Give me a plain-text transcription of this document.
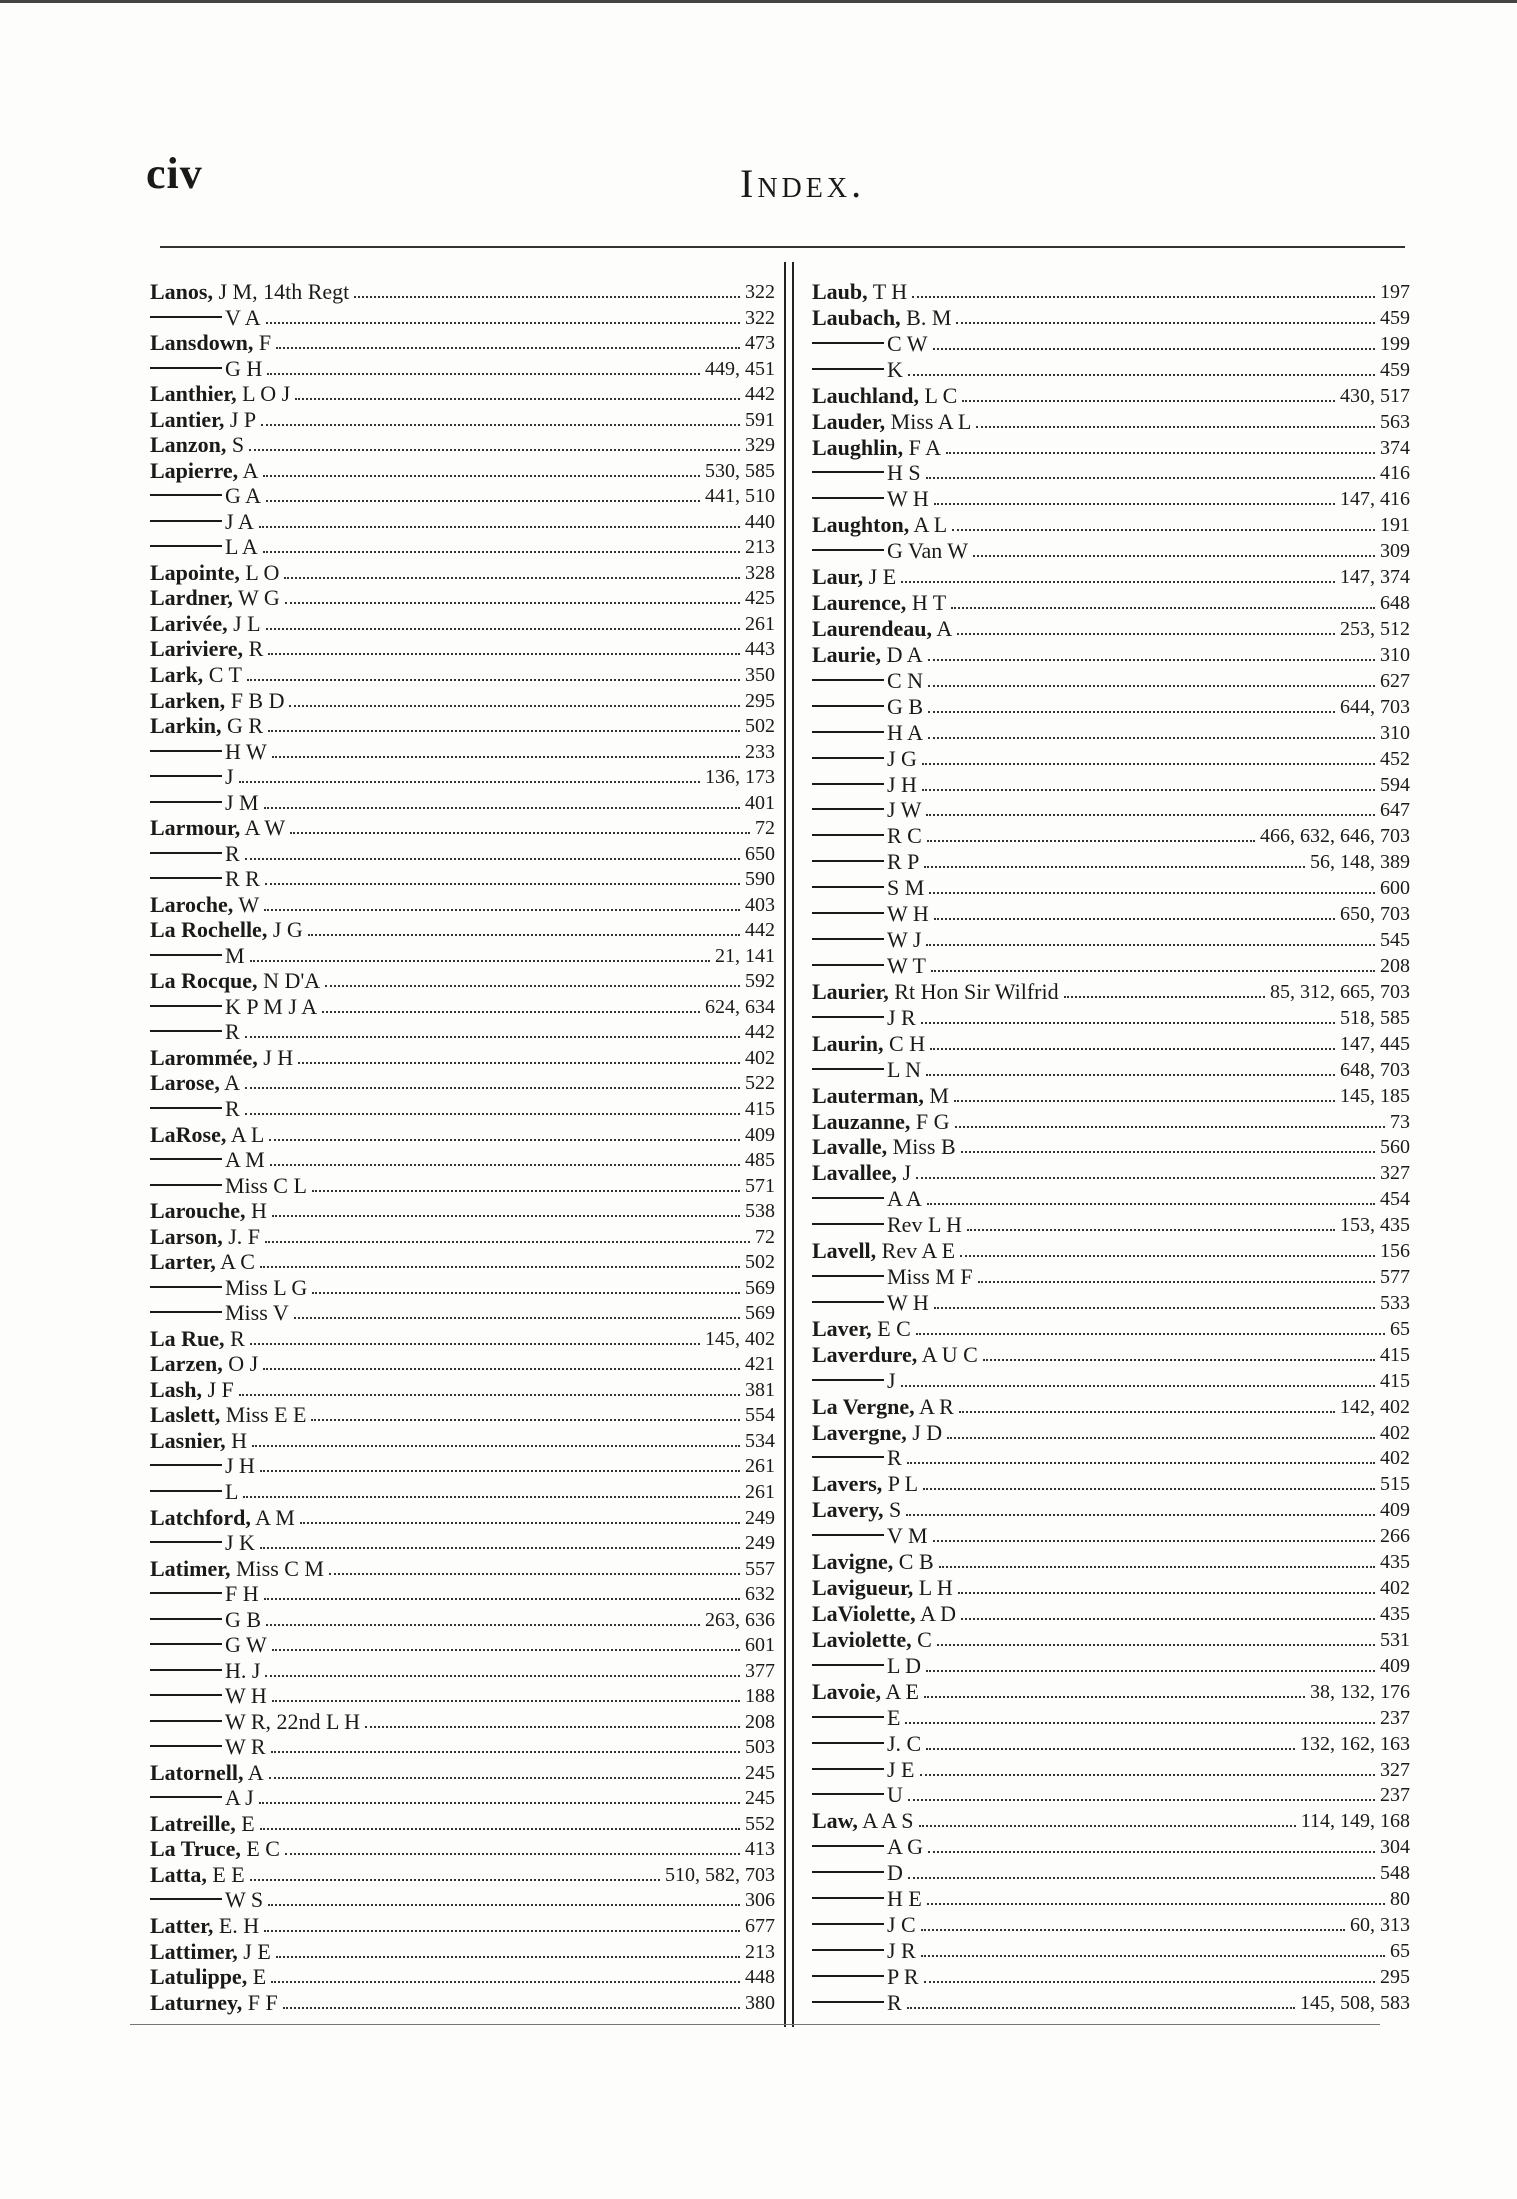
civ	Index.
Lanos, J M, 14th Regt	322
V A	322
Lansdown, F	473
G H	449, 451
Lanthier, L O J	442
Lantier, J P	591
Lanzon, S	329
Lapierre, A	530, 585
G A	441, 510
J A	440
L A	213
Lapointe, L O	328
Lardner, W G	425
Larivée, J L	261
Lariviere, R	443
Lark, C T	350
Larken, F B D	295
Larkin, G R	502
H W	233
J	136, 173
J M	401
Larmour, A W	72
R	650
R R	590
Laroche, W	403
La Rochelle, J G	442
M	21, 141
La Rocque, N D'A	592
K P M J A	624, 634
R	442
Larommée, J H	402
Larose, A	522
R	415
LaRose, A L	409
A M	485
Miss C L	571
Larouche, H	538
Larson, J. F	72
Larter, A C	502
Miss L G	569
Miss V	569
La Rue, R	145, 402
Larzen, O J	421
Lash, J F	381
Laslett, Miss E E	554
Lasnier, H	534
J H	261
L	261
Latchford, A M	249
J K	249
Latimer, Miss C M	557
F H	632
G B	263, 636
G W	601
H. J	377
W H	188
W R, 22nd L H	208
W R	503
Latornell, A	245
A J	245
Latreille, E	552
La Truce, E C	413
Latta, E E	510, 582, 703
W S	306
Latter, E. H	677
Lattimer, J E	213
Latulippe, E	448
Laturney, F F	380
Laub, T H	197
Laubach, B. M	459
C W	199
K	459
Lauchland, L C	430, 517
Lauder, Miss A L	563
Laughlin, F A	374
H S	416
W H	147, 416
Laughton, A L	191
G Van W	309
Laur, J E	147, 374
Laurence, H T	648
Laurendeau, A	253, 512
Laurie, D A	310
C N	627
G B	644, 703
H A	310
J G	452
J H	594
J W	647
R C	466, 632, 646, 703
R P	56, 148, 389
S M	600
W H	650, 703
W J	545
W T	208
Laurier, Rt Hon Sir Wilfrid	85, 312, 665, 703
J R	518, 585
Laurin, C H	147, 445
L N	648, 703
Lauterman, M	145, 185
Lauzanne, F G	73
Lavalle, Miss B	560
Lavallee, J	327
A A	454
Rev L H	153, 435
Lavell, Rev A E	156
Miss M F	577
W H	533
Laver, E C	65
Laverdure, A U C	415
J	415
La Vergne, A R	142, 402
Lavergne, J D	402
R	402
Lavers, P L	515
Lavery, S	409
V M	266
Lavigne, C B	435
Lavigueur, L H	402
LaViolette, A D	435
Laviolette, C	531
L D	409
Lavoie, A E	38, 132, 176
E	237
J. C	132, 162, 163
J E	327
U	237
Law, A A S	114, 149, 168
A G	304
D	548
H E	80
J C	60, 313
J R	65
P R	295
R	145, 508, 583
